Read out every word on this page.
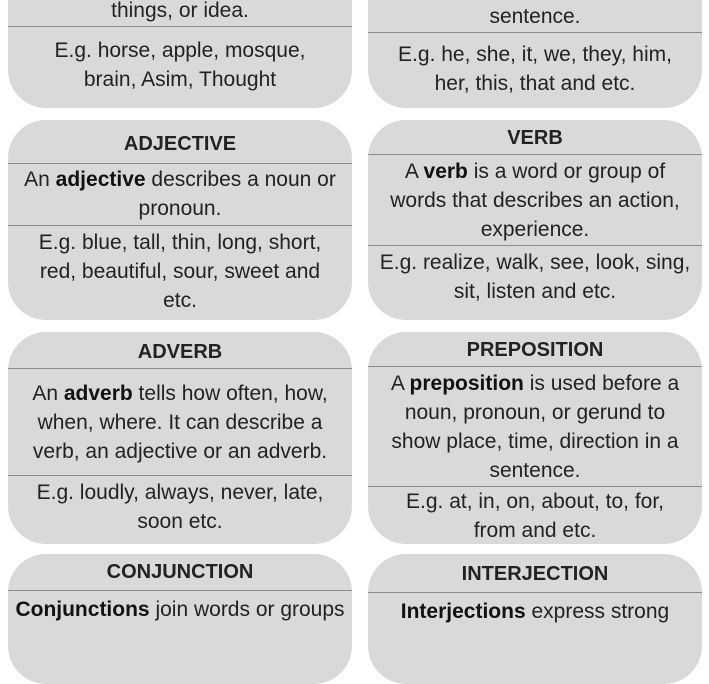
things, or idea.
E.g. horse, apple, mosque, brain, Asim, Thought
sentence.
E.g. he, she, it, we, they, him, her, this, that and etc.
ADJECTIVE
An adjective describes a noun or pronoun.
E.g. blue, tall, thin, long, short, red, beautiful, sour, sweet and etc.
VERB
A verb is a word or group of words that describes an action, experience.
E.g. realize, walk, see, look, sing, sit, listen and etc.
ADVERB
An adverb tells how often, how, when, where. It can describe a verb, an adjective or an adverb.
E.g. loudly, always, never, late, soon etc.
PREPOSITION
A preposition is used before a noun, pronoun, or gerund to show place, time, direction in a sentence.
E.g. at, in, on, about, to, for, from and etc.
CONJUNCTION
Conjunctions join words or groups
INTERJECTION
Interjections express strong
